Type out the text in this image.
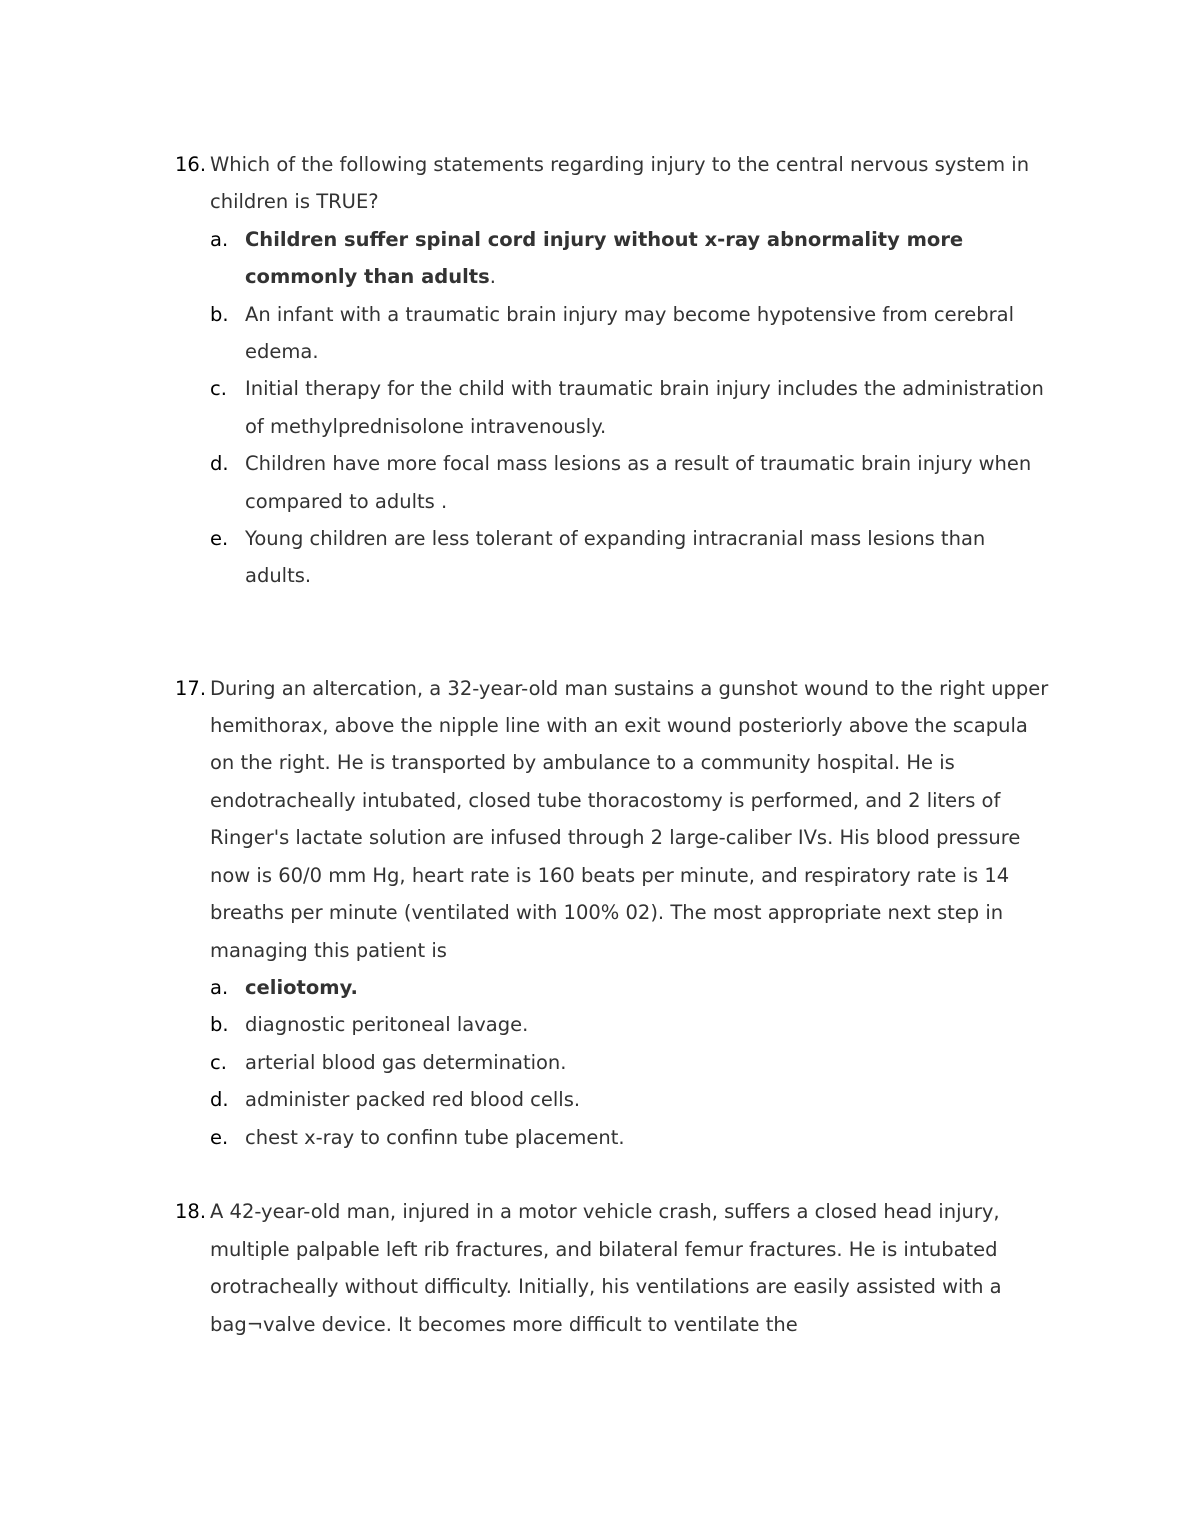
16. Which of the following statements regarding injury to the central nervous system in children is TRUE?
a. Children suffer spinal cord injury without x-ray abnormality more commonly than adults.
b. An infant with a traumatic brain injury may become hypotensive from cerebral edema.
c. Initial therapy for the child with traumatic brain injury includes the administration of methylprednisolone intravenously.
d. Children have more focal mass lesions as a result of traumatic brain injury when compared to adults .
e. Young children are less tolerant of expanding intracranial mass lesions than adults.
17. During an altercation, a 32-year-old man sustains a gunshot wound to the right upper hemithorax, above the nipple line with an exit wound posteriorly above the scapula on the right. He is transported by ambulance to a community hospital. He is endotracheally intubated, closed tube thoracostomy is performed, and 2 liters of Ringer's lactate solution are infused through 2 large-caliber IVs. His blood pressure now is 60/0 mm Hg, heart rate is 160 beats per minute, and respiratory rate is 14 breaths per minute (ventilated with 100% 02). The most appropriate next step in managing this patient is
a. celiotomy.
b. diagnostic peritoneal lavage.
c. arterial blood gas determination.
d. administer packed red blood cells.
e. chest x-ray to confinn tube placement.
18. A 42-year-old man, injured in a motor vehicle crash, suffers a closed head injury, multiple palpable left rib fractures, and bilateral femur fractures. He is intubated orotracheally without difficulty. Initially, his ventilations are easily assisted with a bag¬valve device. It becomes more difficult to ventilate the
